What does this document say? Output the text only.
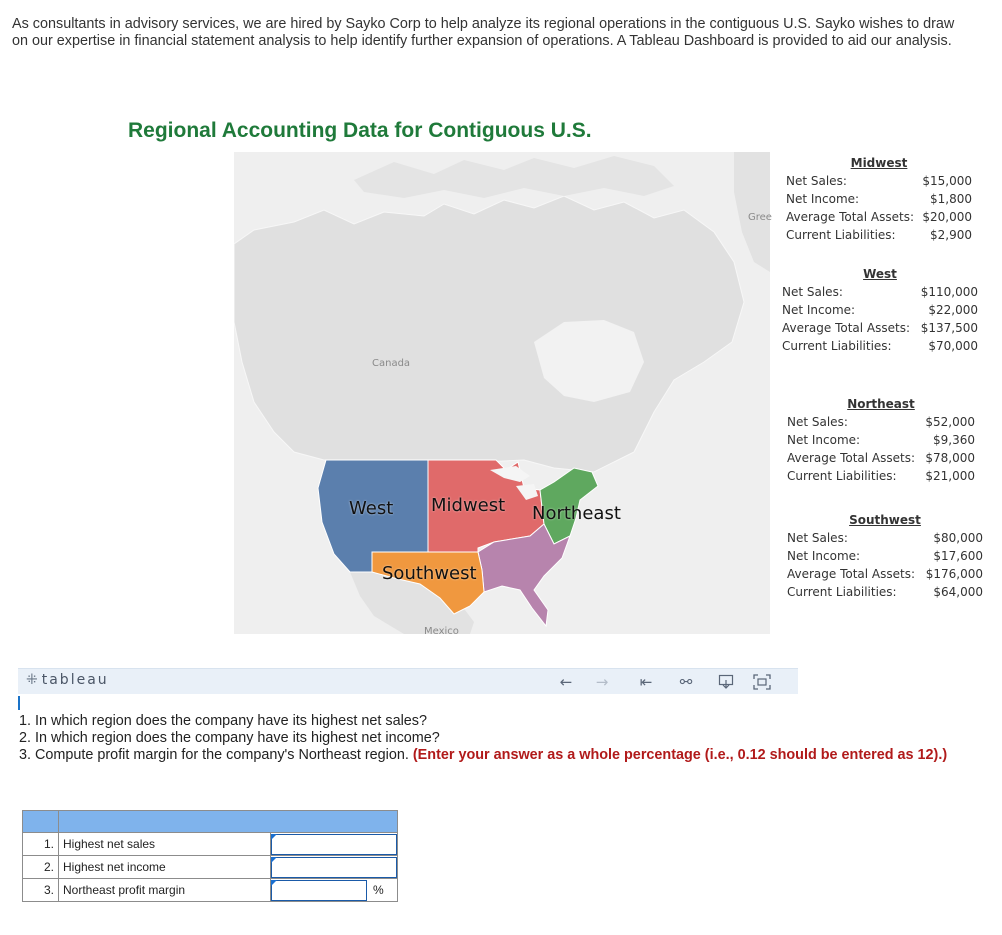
As consultants in advisory services, we are hired by Sayko Corp to help analyze its regional operations in the contiguous U.S. Sayko wishes to draw on our expertise in financial statement analysis to help identify further expansion of operations. A Tableau Dashboard is provided to aid our analysis.
Regional Accounting Data for Contiguous U.S.
Canada
Mexico
Gree
West Midwest Northeast
Southwest
Midwest
Net Sales:	$15,000
Net Income:	$1,800
Average Total Assets: $20,000
Current Liabilities:	$2,900
West
Net Sales:	$110,000
Net Income:	$22,000
Average Total Assets: $137,500
Current Liabilities:	$70,000
Northeast
Net Sales:	$52,000
Net Income:	$9,360
Average Total Assets: $78,000
Current Liabilities: $21,000
Southwest
Net Sales:	$80,000
Net Income:	$17,600
Average Total Assets: $176,000
Current Liabilities:	$64,000
⁜ tableau	← → ⇤ ⚯
1. In which region does the company have its highest net sales?
2. In which region does the company have its highest net income?
3. Compute profit margin for the company's Northeast region. (Enter your answer as a whole percentage (i.e., 0.12 should be entered as 12).)

1.	Highest net sales	

2.	Highest net income	

3.	Northeast profit margin	%
